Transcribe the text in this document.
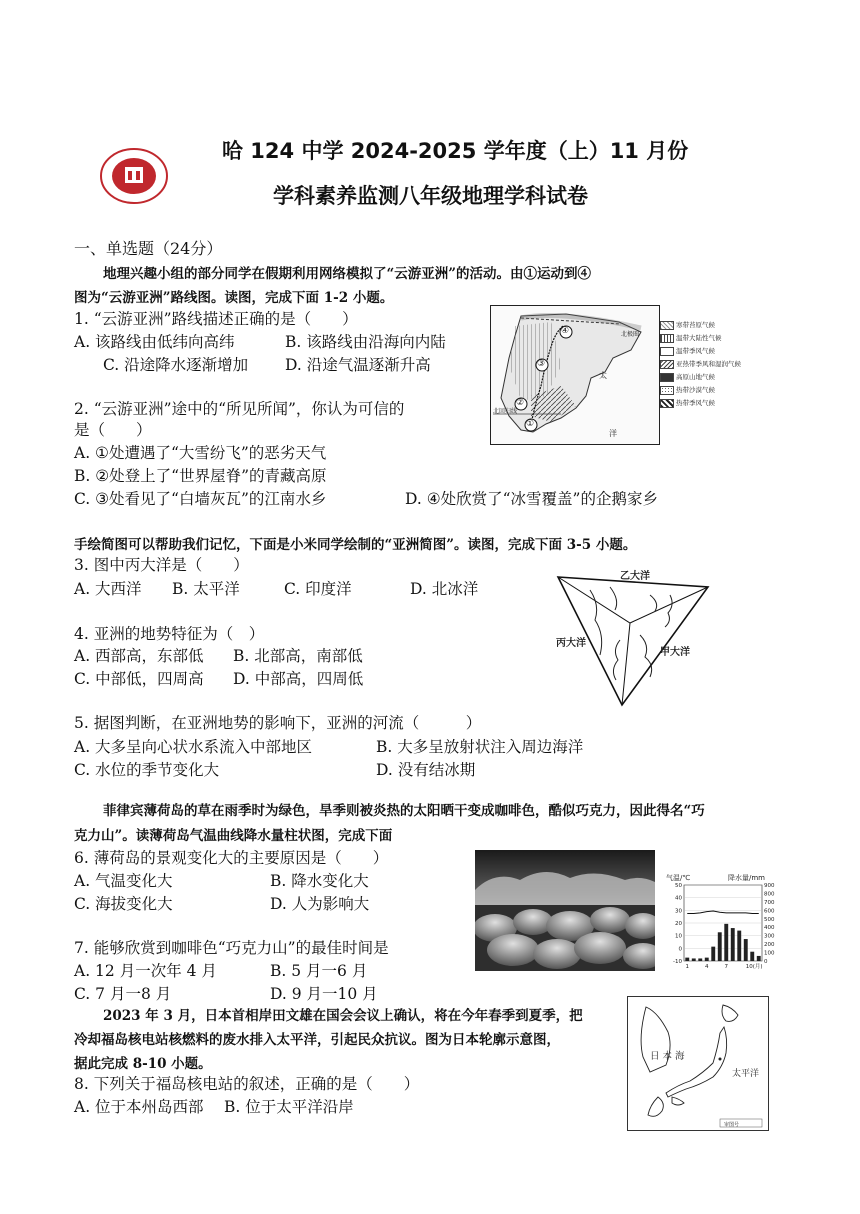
哈 124 中学 2024-2025 学年度（上）11 月份
学科素养监测八年级地理学科试卷
一、单选题（24分）
地理兴趣小组的部分同学在假期利用网络模拟了“云游亚洲”的活动。由①运动到④
图为“云游亚洲”路线图。读图，完成下面 1-2 小题。
1. “云游亚洲”路线描述正确的是（　　）
A. 该路线由低纬向高纬	B. 该路线由沿海向内陆
C. 沿途降水逐渐增加 D. 沿途气温逐渐升高
2. “云游亚洲”途中的“所见所闻”，你认为可信的
是（　　）
A. ①处遭遇了“大雪纷飞”的恶劣天气
B. ②处登上了“世界屋脊”的青藏高原
C. ③处看见了“白墙灰瓦”的江南水乡	D. ④处欣赏了“冰雪覆盖”的企鹅家乡
①
②
③
④	北极圈
北回归线
太
洋
寒带苔原气候
温带大陆性气候
温带季风气候
亚热带季风和湿润气候
高原山地气候
热带沙漠气候
热带季风气候
手绘简图可以帮助我们记忆，下面是小米同学绘制的“亚洲简图”。读图，完成下面 3-5 小题。
3. 图中丙大洋是（　　）
A. 大西洋 B. 太平洋	C. 印度洋	D. 北冰洋
4. 亚洲的地势特征为（　）
A. 西部高，东部低 B. 北部高，南部低
C. 中部低，四周高 D. 中部高，四周低
5. 据图判断，在亚洲地势的影响下，亚洲的河流（　　　）
A. 大多呈向心状水系流入中部地区	B. 大多呈放射状注入周边海洋
C. 水位的季节变化大	D. 没有结冰期
乙大洋
丙大洋
甲大洋
菲律宾薄荷岛的草在雨季时为绿色，旱季则被炎热的太阳晒干变成咖啡色，酷似巧克力，因此得名“巧
克力山”。读薄荷岛气温曲线降水量柱状图，完成下面
6. 薄荷岛的景观变化大的主要原因是（　　）
A. 气温变化大	B. 降水变化大
C. 海拔变化大	D. 人为影响大
7. 能够欣赏到咖啡色“巧克力山”的最佳时间是
A. 12 月一次年 4 月	B. 5 月一6 月
C. 7 月一8 月	D. 9 月一10 月
气温/℃	降水量/mm
50
40
30
20
10
0
-10
900
800
700
600
500
400
300
200
100
0
1	4	7	10(月)
2023 年 3 月，日本首相岸田文雄在国会会议上确认，将在今年春季到夏季，把
冷却福岛核电站核燃料的废水排入太平洋，引起民众抗议。图为日本轮廓示意图，
据此完成 8-10 小题。
8. 下列关于福岛核电站的叙述，正确的是（　　）
A. 位于本州岛西部 B. 位于太平洋沿岸
日 本 海
太平洋
审图号
